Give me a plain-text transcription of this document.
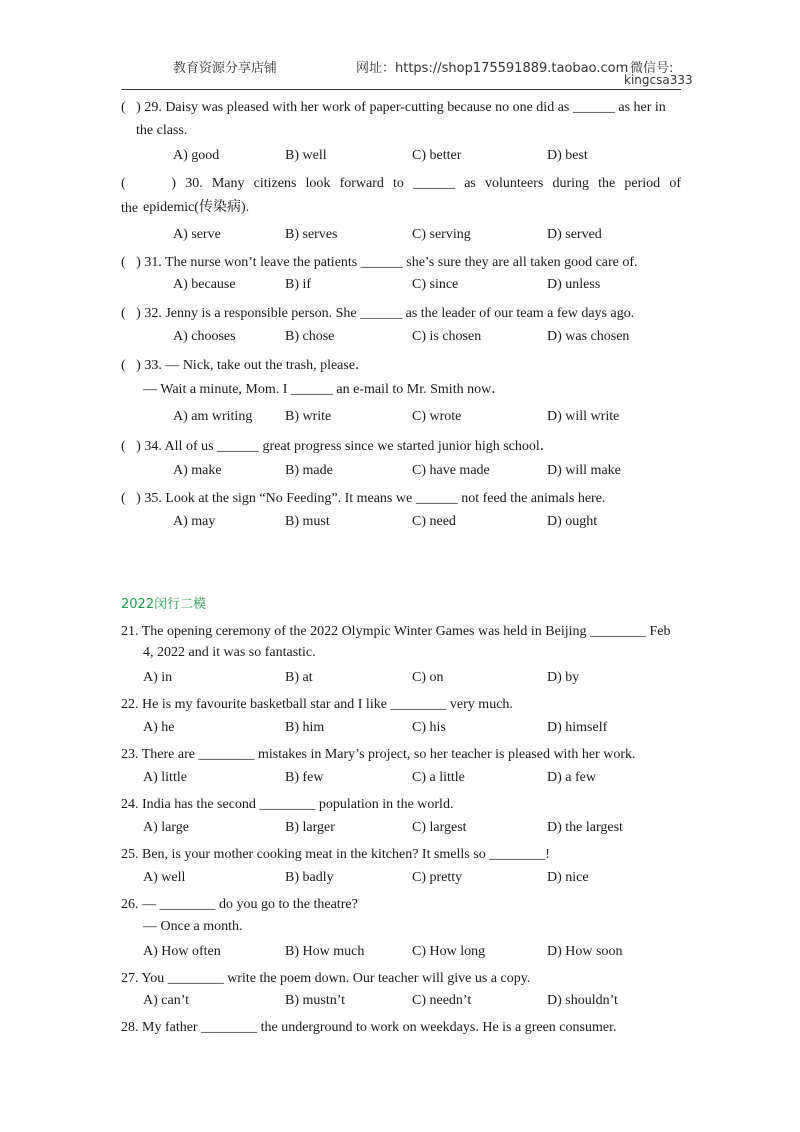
教育资源分享店铺	网址：https://shop175591889.taobao.com 微信号:
kingcsa333
(   ) 29. Daisy was pleased with her work of paper-cutting because no one did as ______ as her in
the class.
A) good	B) well	C) better	D) best
(     ) 30. Many citizens look forward to ______ as volunteers during the period of the epidemic(传染病).
A) serve	B) serves	C) serving	D) served
(   ) 31. The nurse won’t leave the patients ______ she’s sure they are all taken good care of.
A) because	B) if	C) since	D) unless
(   ) 32. Jenny is a responsible person. She ______ as the leader of our team a few days ago.
A) chooses	B) chose	C) is chosen	D) was chosen
(   ) 33. — Nick, take out the trash, please．
— Wait a minute, Mom. I ______ an e-mail to Mr. Smith now．
A) am writing B) write	C) wrote	D) will write
(   ) 34. All of us ______ great progress since we started junior high school．
A) make	B) made	C) have made	D) will make
(   ) 35. Look at the sign “No Feeding”. It means we ______ not feed the animals here.
A) may	B) must	C) need	D) ought
2022闵行二模
21. The opening ceremony of the 2022 Olympic Winter Games was held in Beijing ________ Feb
4, 2022 and it was so fantastic.
A) in	B) at	C) on	D) by
22. He is my favourite basketball star and I like ________ very much.
A) he	B) him	C) his	D) himself
23. There are ________ mistakes in Mary’s project, so her teacher is pleased with her work.
A) little	B) few	C) a little	D) a few
24. India has the second ________ population in the world.
A) large	B) larger	C) largest	D) the largest
25. Ben, is your mother cooking meat in the kitchen? It smells so ________!
A) well	B) badly	C) pretty	D) nice
26. — ________ do you go to the theatre?
— Once a month.
A) How often	B) How much	C) How long	D) How soon
27. You ________ write the poem down. Our teacher will give us a copy.
A) can’t	B) mustn’t	C) needn’t	D) shouldn’t
28. My father ________ the underground to work on weekdays. He is a green consumer.
